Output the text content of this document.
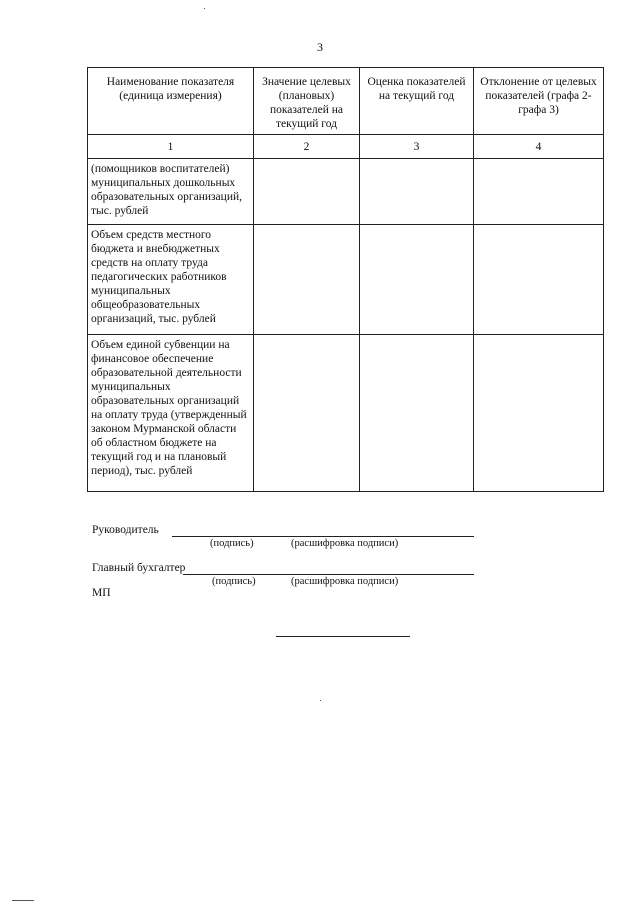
3
Наименование показателя (единица измерения)	Значение целевых (плановых) показателей на текущий год	Оценка показателей на текущий год	Отклонение от целевых показателей (графа 2- графа 3)
1	2	3	4
(помощников воспитателей) муниципальных дошкольных образовательных организаций, тыс. рублей			
Объем средств местного бюджета и внебюджетных средств на оплату труда педагогических работников муниципальных общеобразовательных организаций, тыс. рублей			
Объем единой субвенции на финансовое обеспечение образовательной деятельности муниципальных образовательных организаций на оплату труда (утвержденный законом Мурманской области об областном бюджете на текущий год и на плановый период), тыс. рублей			
Руководитель
(подпись)	(расшифровка подписи)
Главный бухгалтер
(подпись)	(расшифровка подписи)
МП
